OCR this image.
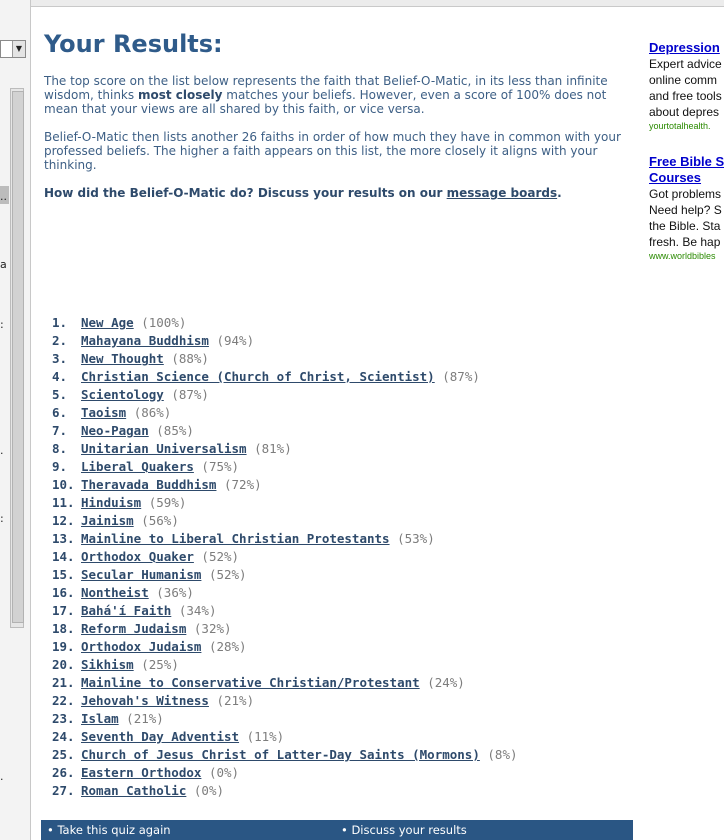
▼
..
a
:
.
:
.
Your Results:

The top score on the list below represents the faith that Belief-O-Matic, in its less than infinite wisdom, thinks most closely matches your beliefs. However, even a score of 100% does not mean that your views are all shared by this faith, or vice versa.

Belief-O-Matic then lists another 26 faiths in order of how much they have in common with your professed beliefs. The higher a faith appears on this list, the more closely it aligns with your thinking.

How did the Belief-O-Matic do? Discuss your results on our message boards.

1. New Age (100%)
2. Mahayana Buddhism (94%)
3. New Thought (88%)
4. Christian Science (Church of Christ, Scientist) (87%)
5. Scientology (87%)
6. Taoism (86%)
7. Neo-Pagan (85%)
8. Unitarian Universalism (81%)
9. Liberal Quakers (75%)
10. Theravada Buddhism (72%)
11. Hinduism (59%)
12. Jainism (56%)
13. Mainline to Liberal Christian Protestants (53%)
14. Orthodox Quaker (52%)
15. Secular Humanism (52%)
16. Nontheist (36%)
17. Bahá'í Faith (34%)
18. Reform Judaism (32%)
19. Orthodox Judaism (28%)
20. Sikhism (25%)
21. Mainline to Conservative Christian/Protestant (24%)
22. Jehovah's Witness (21%)
23. Islam (21%)
24. Seventh Day Adventist (11%)
25. Church of Jesus Christ of Latter-Day Saints (Mormons) (8%)
26. Eastern Orthodox (0%)
27. Roman Catholic (0%)
• Take this quiz again	• Discuss your results
Depression
Expert advice
online comm
and free tools
about depres
yourtotalhealth.
Free Bible S
Courses
Got problems
Need help? S
the Bible. Sta
fresh. Be hap
www.worldbibles
